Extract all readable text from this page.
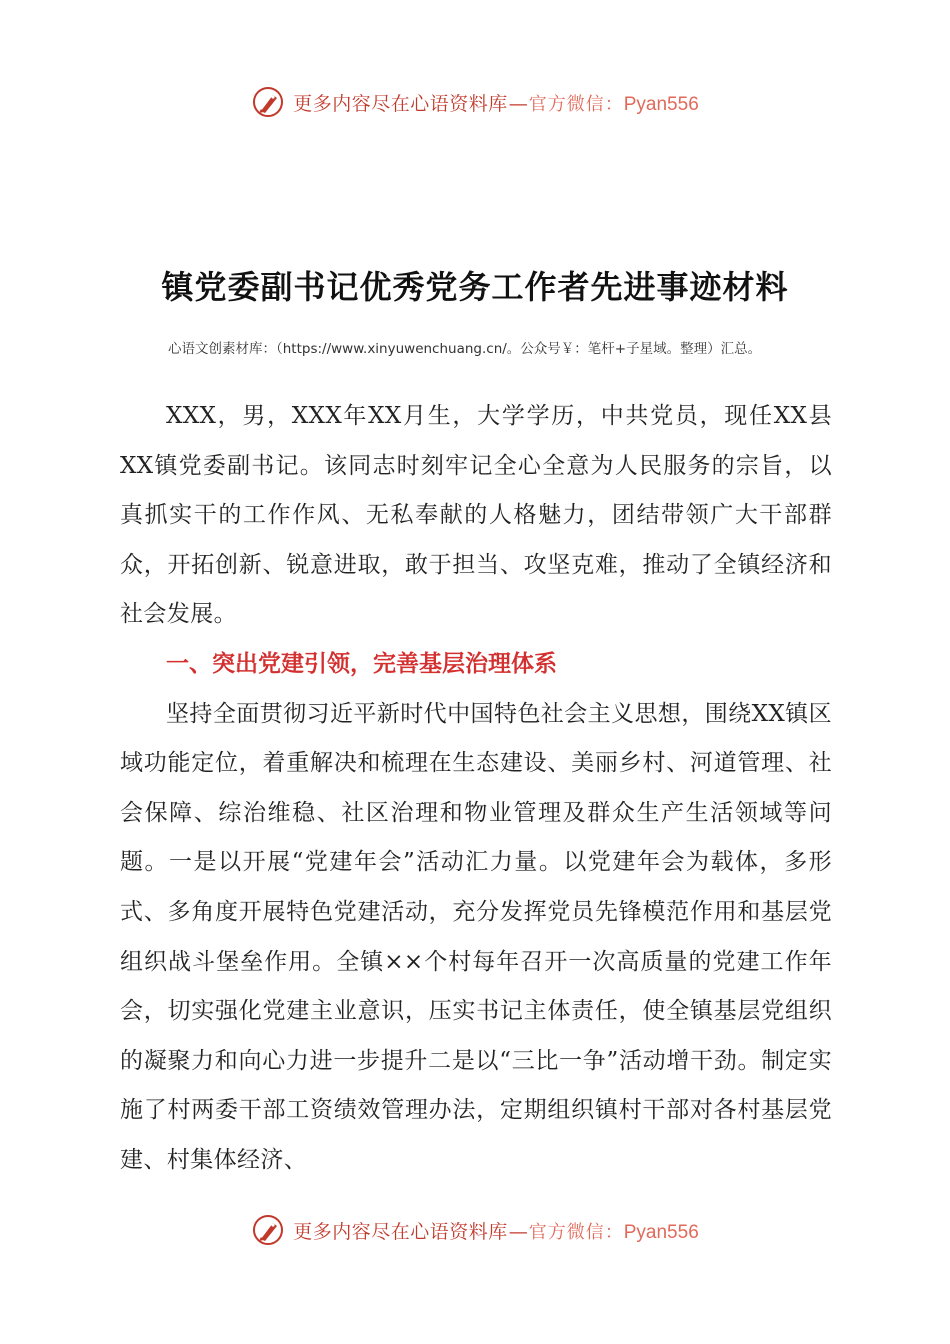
更多内容尽在心语资料库 — 官方微信： Pyan556
镇党委副书记优秀党务工作者先进事迹材料

心语文创素材库：（https://www.xinyuwenchuang.cn/。公众号￥：笔杆+子星域。整理）汇总。

XXX，男，XXX年XX月生，大学学历，中共党员，现任XX县XX镇党委副书记。该同志时刻牢记全心全意为人民服务的宗旨，以真抓实干的工作作风、无私奉献的人格魅力，团结带领广大干部群众，开拓创新、锐意进取，敢于担当、攻坚克难，推动了全镇经济和社会发展。

一、突出党建引领，完善基层治理体系

坚持全面贯彻习近平新时代中国特色社会主义思想，围绕XX镇区域功能定位，着重解决和梳理在生态建设、美丽乡村、河道管理、社会保障、综治维稳、社区治理和物业管理及群众生产生活领域等问题。一是以开展“党建年会”活动汇力量。以党建年会为载体，多形式、多角度开展特色党建活动，充分发挥党员先锋模范作用和基层党组织战斗堡垒作用。全镇××个村每年召开一次高质量的党建工作年会，切实强化党建主业意识，压实书记主体责任，使全镇基层党组织的凝聚力和向心力进一步提升二是以“三比一争”活动增干劲。制定实施了村两委干部工资绩效管理办法，定期组织镇村干部对各村基层党建、村集体经济、

更多内容尽在心语资料库 — 官方微信： Pyan556
